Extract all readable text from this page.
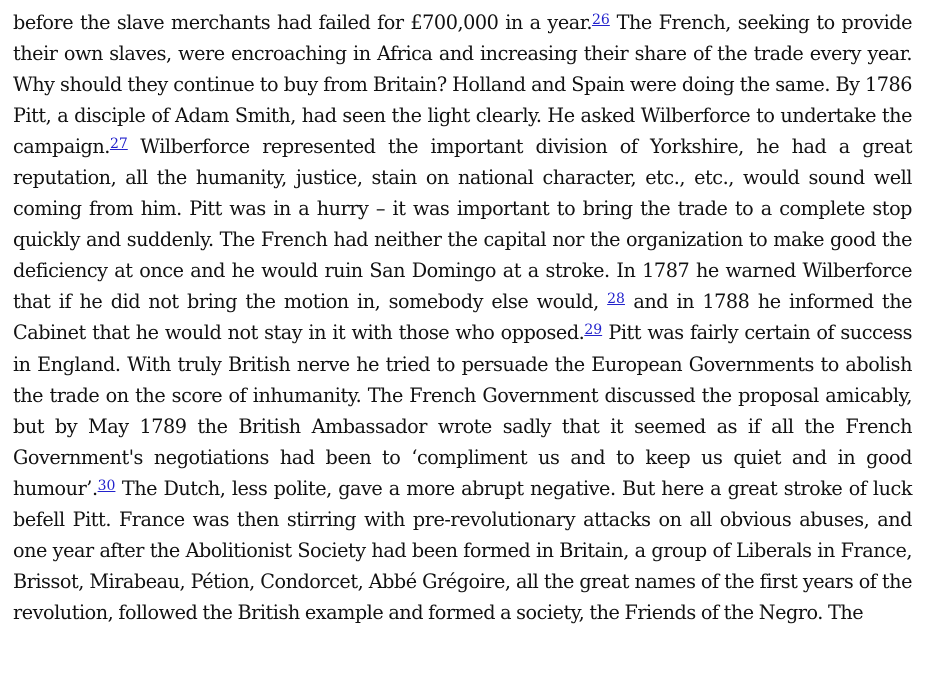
before the slave merchants had failed for £700,000 in a year.$^{26}$ The French, seeking to provide their own slaves, were encroaching in Africa and increasing their share of the trade every year. Why should they continue to buy from Britain? Holland and Spain were doing the same. By 1786 Pitt, a disciple of Adam Smith, had seen the light clearly. He asked Wilberforce to undertake the campaign.$^{27}$ Wilberforce represented the important division of Yorkshire, he had a great reputation, all the humanity, justice, stain on national character, etc., etc., would sound well coming from him. Pitt was in a hurry – it was important to bring the trade to a complete stop quickly and suddenly. The French had neither the capital nor the organization to make good the deficiency at once and he would ruin San Domingo at a stroke. In 1787 he warned Wilberforce that if he did not bring the motion in, somebody else would, $^{28}$ and in 1788 he informed the Cabinet that he would not stay in it with those who opposed.$^{29}$ Pitt was fairly certain of success in England. With truly British nerve he tried to persuade the European Governments to abolish the trade on the score of inhumanity. The French Government discussed the proposal amicably, but by May 1789 the British Ambassador wrote sadly that it seemed as if all the French Government's negotiations had been to ‘compliment us and to keep us quiet and in good humour’.$^{30}$ The Dutch, less polite, gave a more abrupt negative. But here a great stroke of luck befell Pitt. France was then stirring with pre-revolutionary attacks on all obvious abuses, and one year after the Abolitionist Society had been formed in Britain, a group of Liberals in France, Brissot, Mirabeau, Pétion, Condorcet, Abbé Grégoire, all the great names of the first years of the revolution, followed the British example and formed a society, the Friends of the Negro. The
